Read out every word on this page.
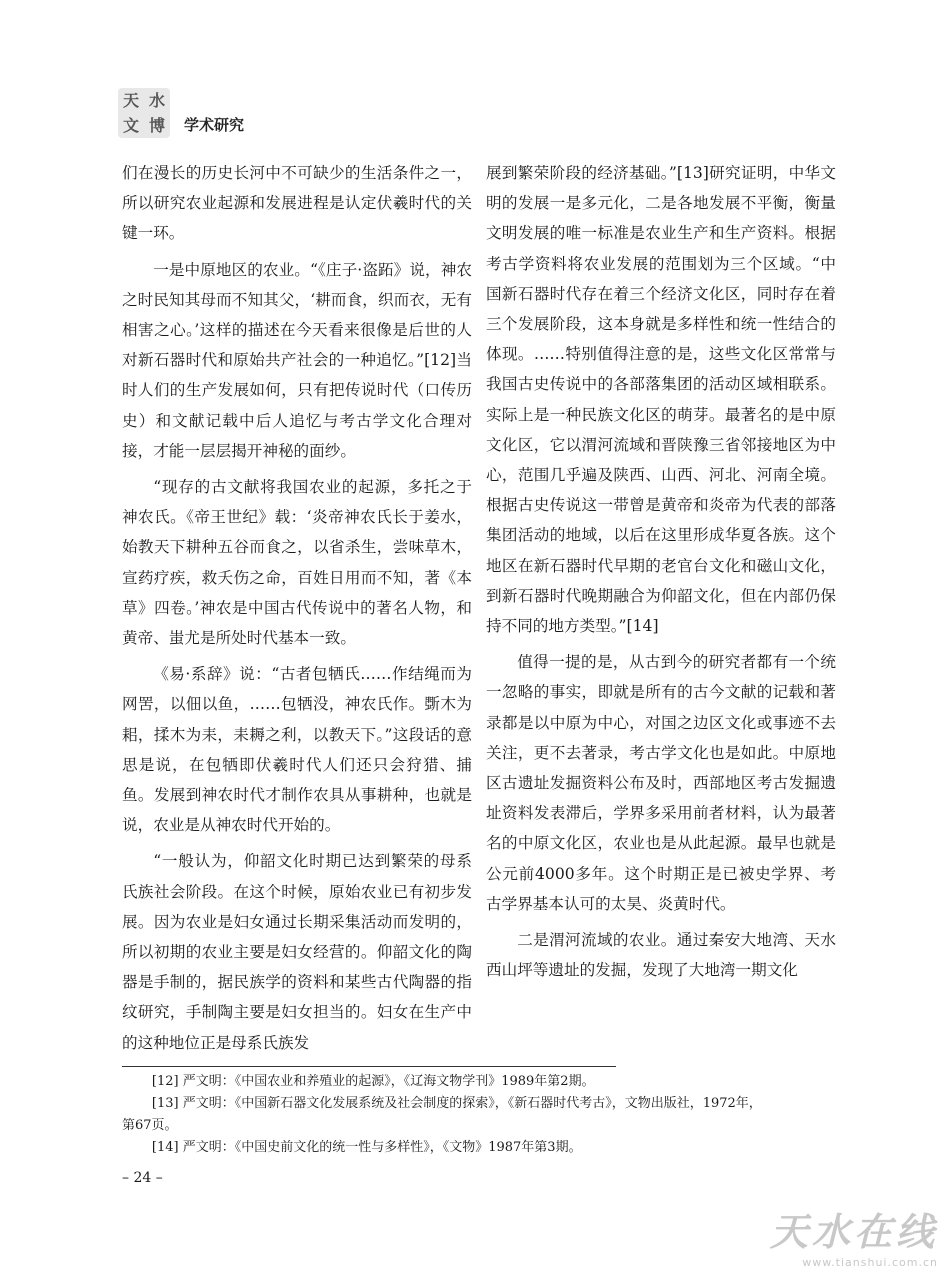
天 水
文 博	学术研究

们在漫长的历史长河中不可缺少的生活条件之一，所以研究农业起源和发展进程是认定伏羲时代的关键一环。

一是中原地区的农业。“《庄子·盗跖》说，神农之时民知其母而不知其父，‘耕而食，织而衣，无有相害之心。’这样的描述在今天看来很像是后世的人对新石器时代和原始共产社会的一种追忆。”[12]当时人们的生产发展如何，只有把传说时代（口传历史）和文献记载中后人追忆与考古学文化合理对接，才能一层层揭开神秘的面纱。

“现存的古文献将我国农业的起源，多托之于神农氏。《帝王世纪》载：‘炎帝神农氏长于姜水，始教天下耕种五谷而食之，以省杀生，尝味草木，宣药疗疾，救夭伤之命，百姓日用而不知，著《本草》四卷。’神农是中国古代传说中的著名人物，和黄帝、蚩尤是所处时代基本一致。

《易·系辞》说：“古者包牺氏……作结绳而为网罟，以佃以鱼，……包牺没，神农氏作。斲木为耜，揉木为耒，耒耨之利，以教天下。”这段话的意思是说，在包牺即伏羲时代人们还只会狩猎、捕鱼。发展到神农时代才制作农具从事耕种，也就是说，农业是从神农时代开始的。

“一般认为，仰韶文化时期已达到繁荣的母系氏族社会阶段。在这个时候，原始农业已有初步发展。因为农业是妇女通过长期采集活动而发明的，所以初期的农业主要是妇女经营的。仰韶文化的陶器是手制的，据民族学的资料和某些古代陶器的指纹研究，手制陶主要是妇女担当的。妇女在生产中的这种地位正是母系氏族发

展到繁荣阶段的经济基础。”[13]研究证明，中华文明的发展一是多元化，二是各地发展不平衡，衡量文明发展的唯一标准是农业生产和生产资料。根据考古学资料将农业发展的范围划为三个区域。“中国新石器时代存在着三个经济文化区，同时存在着三个发展阶段，这本身就是多样性和统一性结合的体现。……特别值得注意的是，这些文化区常常与我国古史传说中的各部落集团的活动区域相联系。实际上是一种民族文化区的萌芽。最著名的是中原文化区，它以渭河流域和晋陕豫三省邻接地区为中心，范围几乎遍及陕西、山西、河北、河南全境。根据古史传说这一带曾是黄帝和炎帝为代表的部落集团活动的地域，以后在这里形成华夏各族。这个地区在新石器时代早期的老官台文化和磁山文化，到新石器时代晚期融合为仰韶文化，但在内部仍保持不同的地方类型。”[14]

值得一提的是，从古到今的研究者都有一个统一忽略的事实，即就是所有的古今文献的记载和著录都是以中原为中心，对国之边区文化或事迹不去关注，更不去著录，考古学文化也是如此。中原地区古遗址发掘资料公布及时，西部地区考古发掘遗址资料发表滞后，学界多采用前者材料，认为最著名的中原文化区，农业也是从此起源。最早也就是公元前4000多年。这个时期正是已被史学界、考古学界基本认可的太昊、炎黄时代。

二是渭河流域的农业。通过秦安大地湾、天水西山坪等遗址的发掘，发现了大地湾一期文化

[12] 严文明：《中国农业和养殖业的起源》，《辽海文物学刊》1989年第2期。

[13] 严文明：《中国新石器文化发展系统及社会制度的探索》，《新石器时代考古》，文物出版社，1972年，

第67页。

[14] 严文明：《中国史前文化的统一性与多样性》，《文物》1987年第3期。

– 24 –
天水在线
www.tianshui.com.cn
